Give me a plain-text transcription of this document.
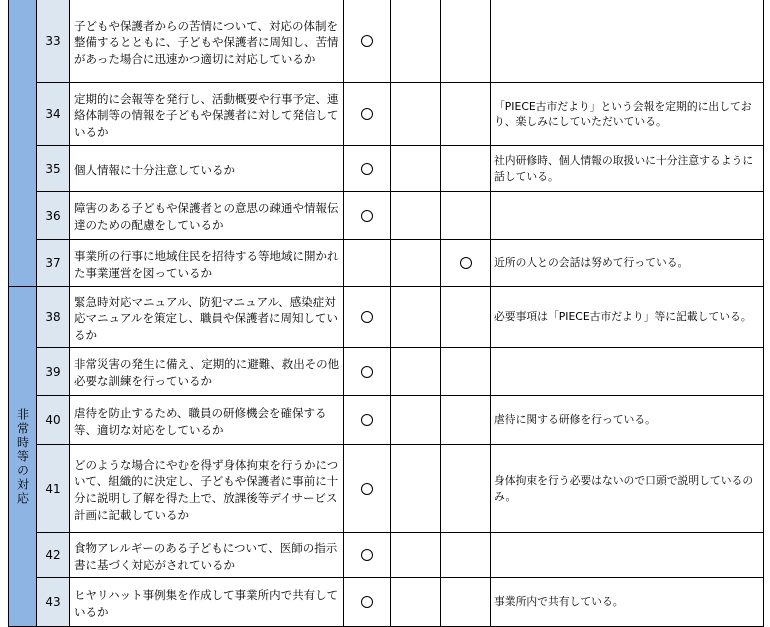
非常時等の対応
33
子どもや保護者からの苦情について、対応の体制を整備するとともに、子どもや保護者に周知し、苦情があった場合に迅速かつ適切に対応しているか
34
定期的に会報等を発行し、活動概要や行事予定、連絡体制等の情報を子どもや保護者に対して発信しているか
「PIECE古市だより」という会報を定期的に出しており、楽しみにしていただいている。
35	個人情報に十分注意しているか
社内研修時、個人情報の取扱いに十分注意するように話している。
36
障害のある子どもや保護者との意思の疎通や情報伝達のための配慮をしているか
37
事業所の行事に地域住民を招待する等地域に開かれた事業運営を図っているか
近所の人との会話は努めて行っている。
38
緊急時対応マニュアル、防犯マニュアル、感染症対応マニュアルを策定し、職員や保護者に周知しているか
必要事項は「PIECE古市だより」等に記載している。
39
非常災害の発生に備え、定期的に避難、救出その他必要な訓練を行っているか
40
虐待を防止するため、職員の研修機会を確保する等、適切な対応をしているか
虐待に関する研修を行っている。
41
どのような場合にやむを得ず身体拘束を行うかについて、組織的に決定し、子どもや保護者に事前に十分に説明し了解を得た上で、放課後等デイサービス計画に記載しているか
身体拘束を行う必要はないので口頭で説明しているのみ。
42
食物アレルギーのある子どもについて、医師の指示書に基づく対応がされているか
43
ヒヤリハット事例集を作成して事業所内で共有しているか
事業所内で共有している。
